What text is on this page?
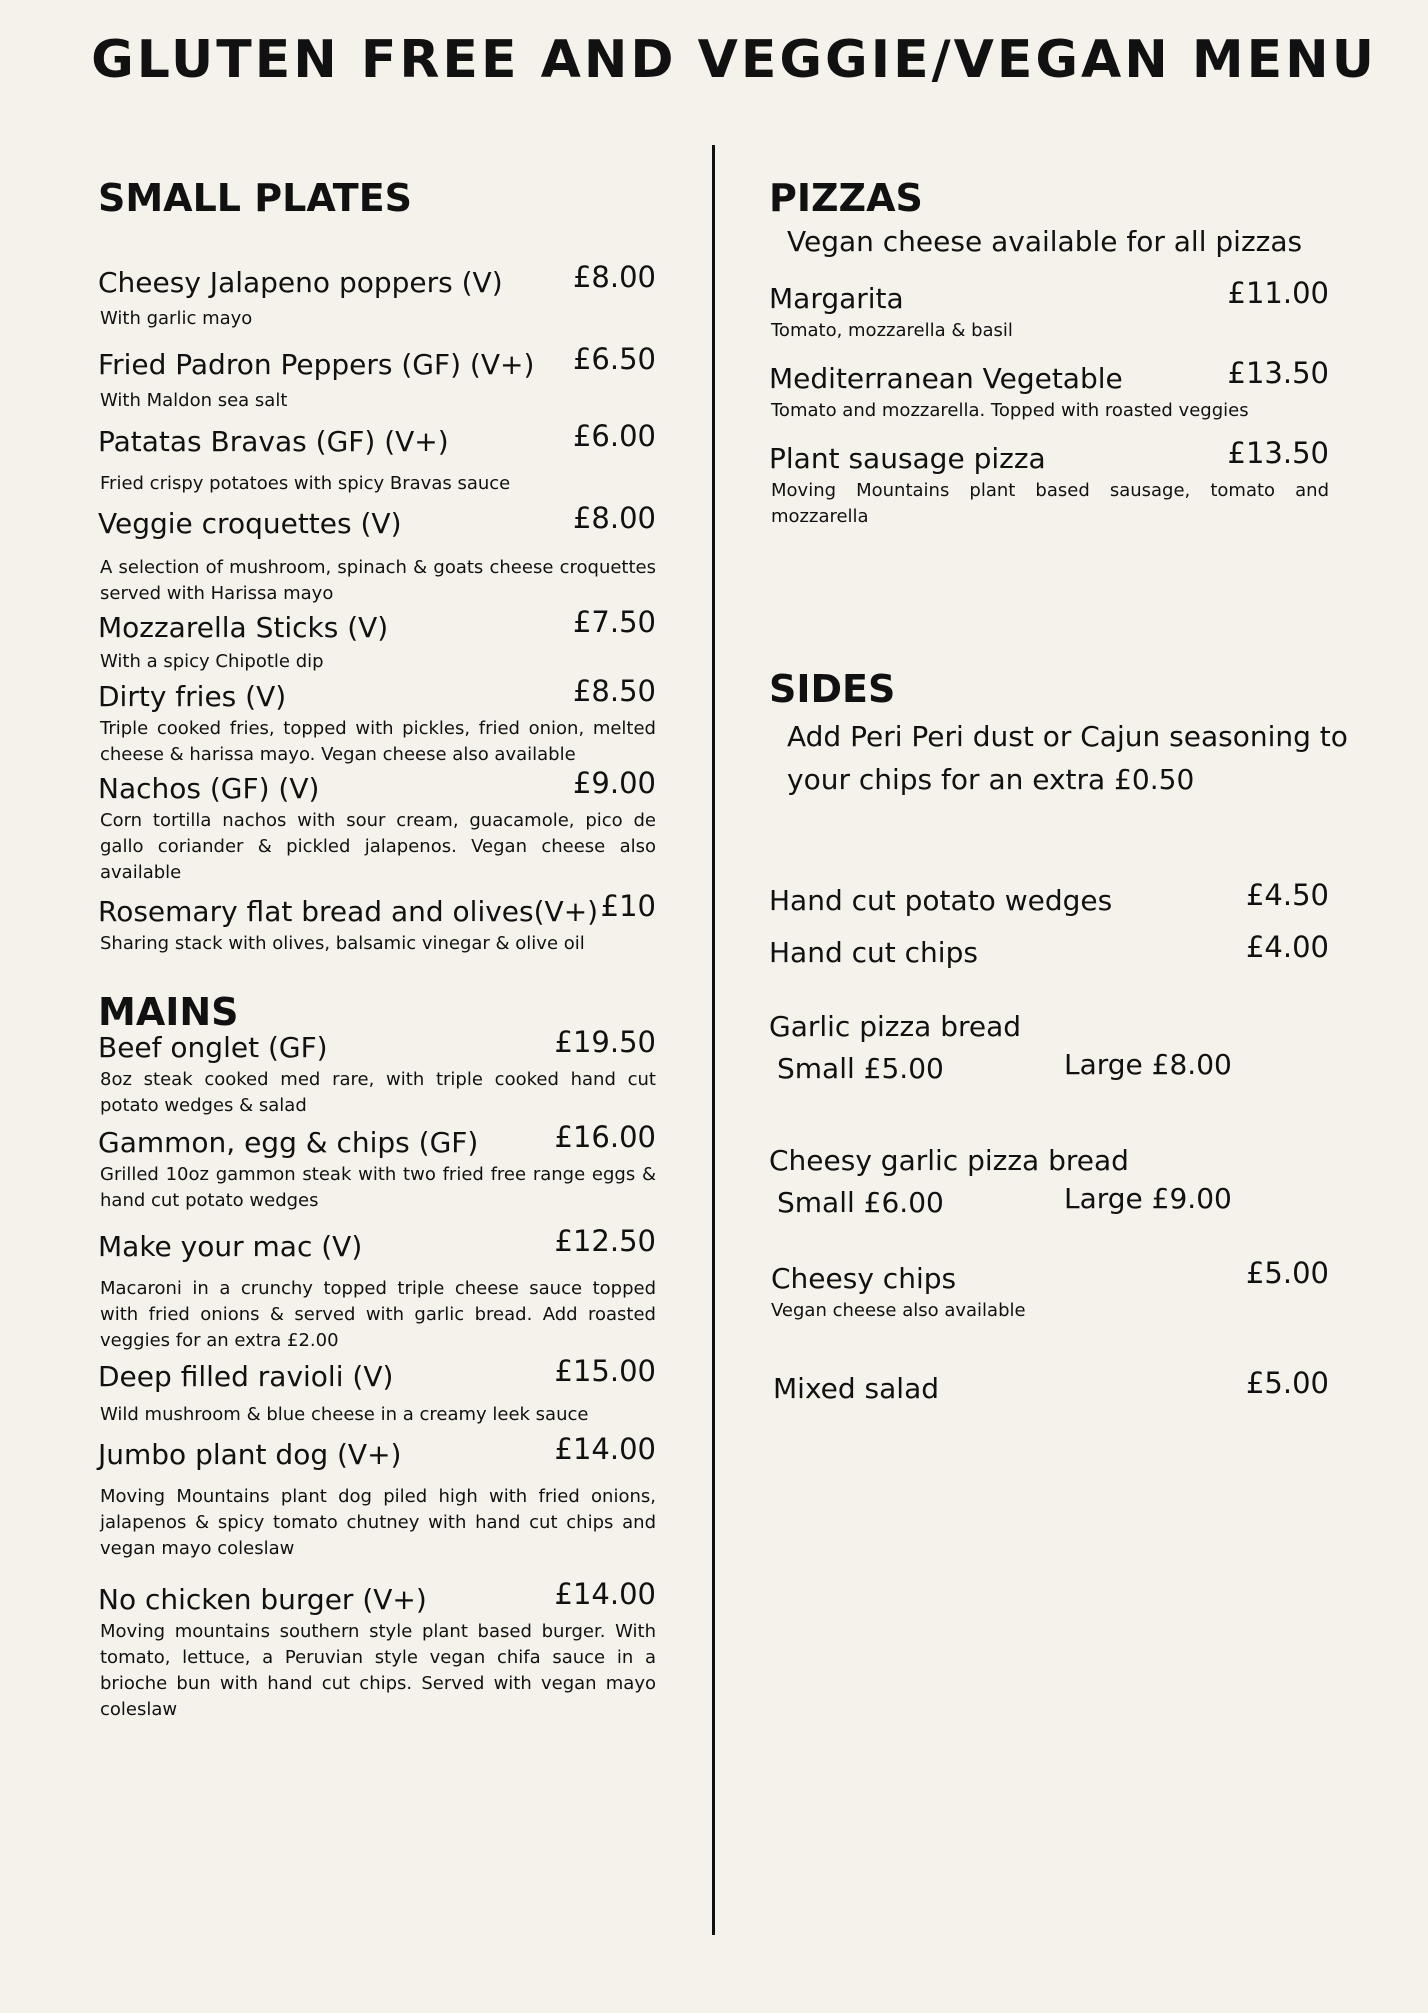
GLUTEN FREE AND VEGGIE/VEGAN MENU
SMALL PLATES
Cheesy Jalapeno poppers (V) £8.00
With garlic mayo
Fried Padron Peppers (GF) (V+) £6.50
With Maldon sea salt
Patatas Bravas (GF) (V+)	£6.00
Fried crispy potatoes with spicy Bravas sauce
Veggie croquettes (V)	£8.00
A selection of mushroom, spinach & goats cheese croquettes served with Harissa mayo
Mozzarella Sticks (V)	£7.50
With a spicy Chipotle dip
Dirty fries (V)	£8.50
Triple cooked fries, topped with pickles, fried onion, melted cheese & harissa mayo. Vegan cheese also available
Nachos (GF) (V)	£9.00
Corn tortilla nachos with sour cream, guacamole, pico de gallo coriander & pickled jalapenos. Vegan cheese also available
Rosemary flat bread and olives(V+) £10
Sharing stack with olives, balsamic vinegar & olive oil
MAINS
Beef onglet (GF)	£19.50
8oz steak cooked med rare, with triple cooked hand cut potato wedges & salad
Gammon, egg & chips (GF)	£16.00
Grilled 10oz gammon steak with two fried free range eggs & hand cut potato wedges
Make your mac (V)	£12.50
Macaroni in a crunchy topped triple cheese sauce topped with fried onions & served with garlic bread. Add roasted veggies for an extra £2.00
Deep filled ravioli (V)	£15.00
Wild mushroom & blue cheese in a creamy leek sauce
Jumbo plant dog (V+)	£14.00
Moving Mountains plant dog piled high with fried onions, jalapenos & spicy tomato chutney with hand cut chips and vegan mayo coleslaw
No chicken burger (V+)	£14.00
Moving mountains southern style plant based burger. With tomato, lettuce, a Peruvian style vegan chifa sauce in a brioche bun with hand cut chips. Served with vegan mayo coleslaw
PIZZAS
Vegan cheese available for all pizzas
Margarita	£11.00
Tomato, mozzarella & basil
Mediterranean Vegetable	£13.50
Tomato and mozzarella. Topped with roasted veggies
Plant sausage pizza	£13.50
Moving Mountains plant based sausage, tomato and mozzarella
SIDES
Add Peri Peri dust or Cajun seasoning to your chips for an extra £0.50
Hand cut potato wedges	£4.50
Hand cut chips	£4.00
Garlic pizza bread
Small £5.00	Large £8.00
Cheesy garlic pizza bread
Small £6.00	Large £9.00
Cheesy chips	£5.00
Vegan cheese also available
Mixed salad	£5.00
